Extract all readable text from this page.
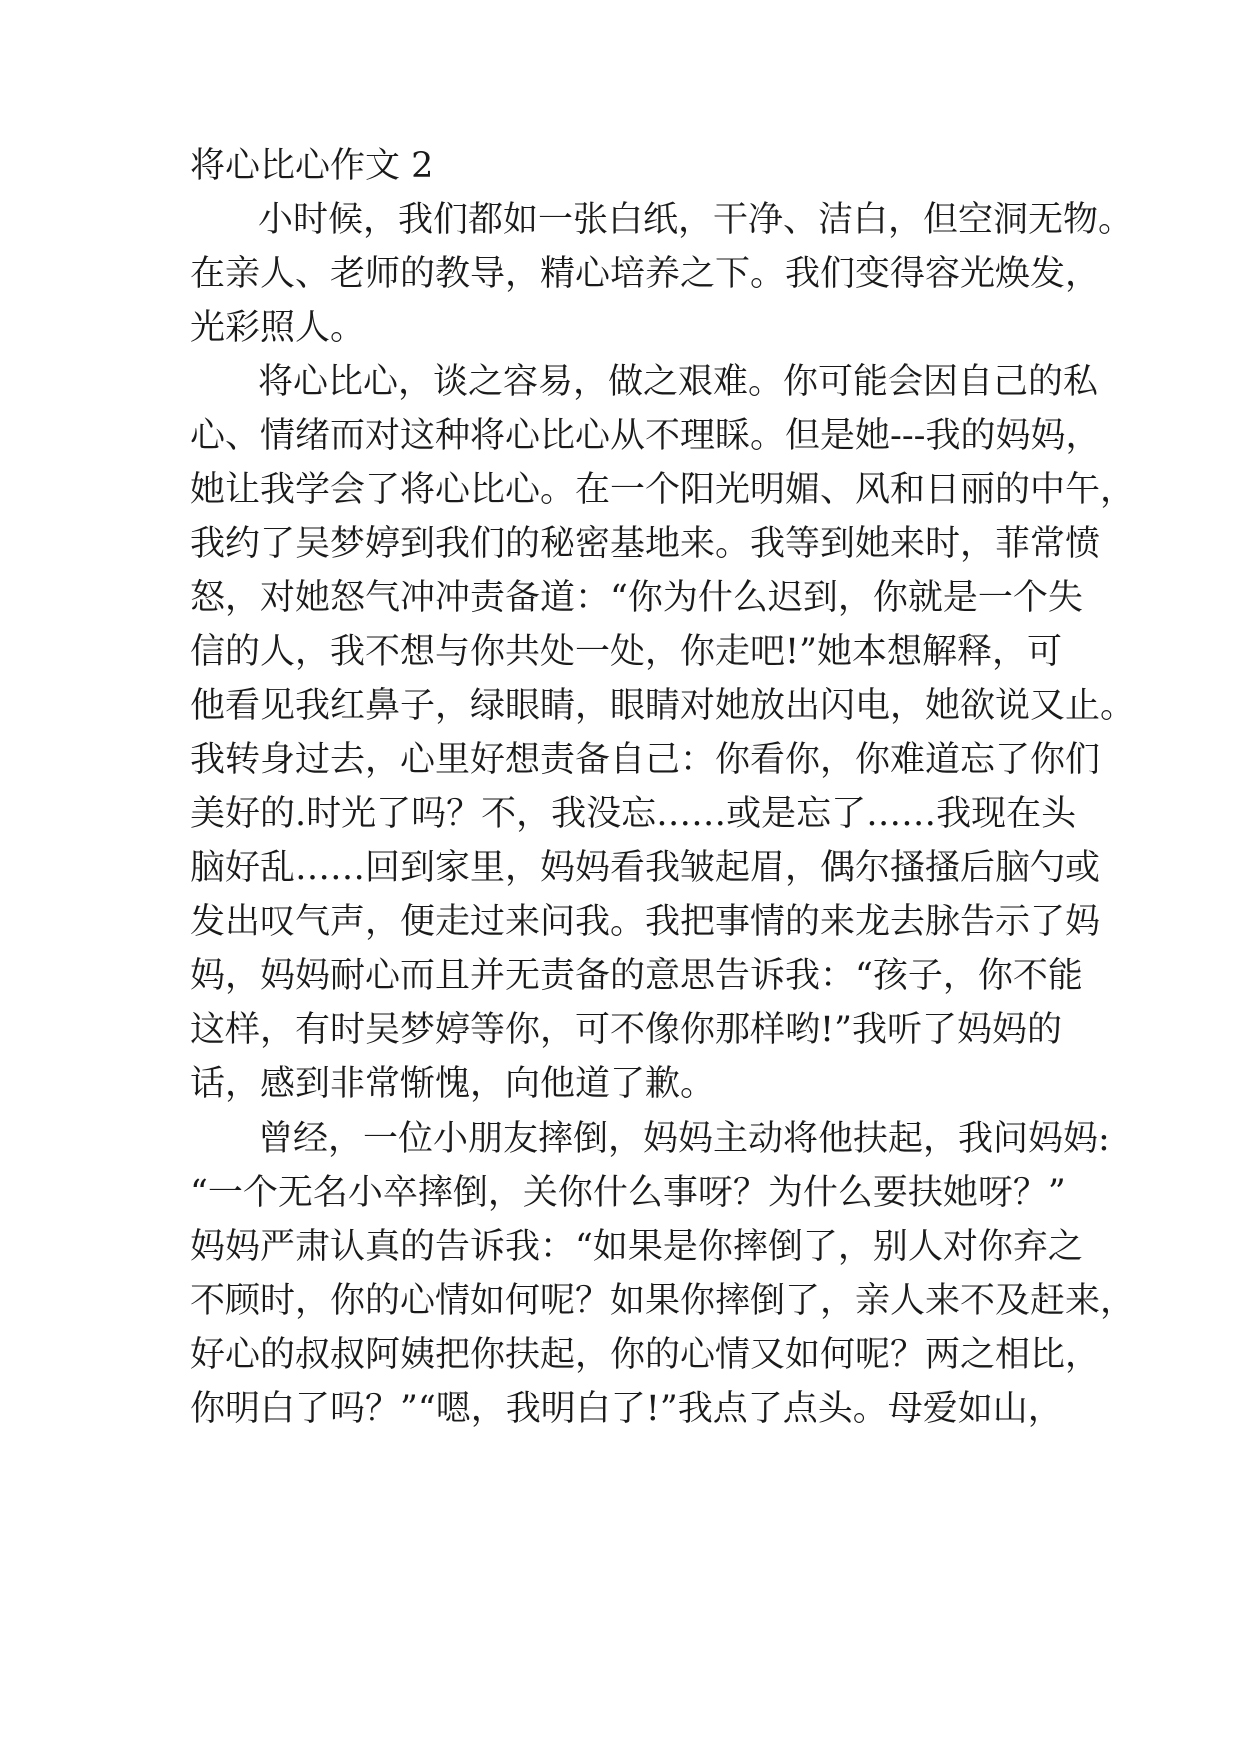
将心比心作文 2
小时候，我们都如一张白纸，干净、洁白，但空洞无物。
在亲人、老师的教导，精心培养之下。我们变得容光焕发，
光彩照人。
将心比心，谈之容易，做之艰难。你可能会因自己的私
心、情绪而对这种将心比心从不理睬。但是她---我的妈妈，
她让我学会了将心比心。在一个阳光明媚、风和日丽的中午，
我约了吴梦婷到我们的秘密基地来。我等到她来时，菲常愤
怒，对她怒气冲冲责备道：“你为什么迟到，你就是一个失
信的人，我不想与你共处一处，你走吧!”她本想解释，可
他看见我红鼻子，绿眼睛，眼睛对她放出闪电，她欲说又止。
我转身过去，心里好想责备自己：你看你，你难道忘了你们
美好的.时光了吗？不，我没忘……或是忘了……我现在头
脑好乱……回到家里，妈妈看我皱起眉，偶尔搔搔后脑勺或
发出叹气声，便走过来问我。我把事情的来龙去脉告示了妈
妈，妈妈耐心而且并无责备的意思告诉我：“孩子，你不能
这样，有时吴梦婷等你，可不像你那样哟!”我听了妈妈的
话，感到非常惭愧，向他道了歉。
曾经，一位小朋友摔倒，妈妈主动将他扶起，我问妈妈:
“一个无名小卒摔倒，关你什么事呀？为什么要扶她呀？”
妈妈严肃认真的告诉我：“如果是你摔倒了，别人对你弃之
不顾时，你的心情如何呢？如果你摔倒了，亲人来不及赶来，
好心的叔叔阿姨把你扶起，你的心情又如何呢？两之相比，
你明白了吗？”“嗯，我明白了!”我点了点头。母爱如山，
